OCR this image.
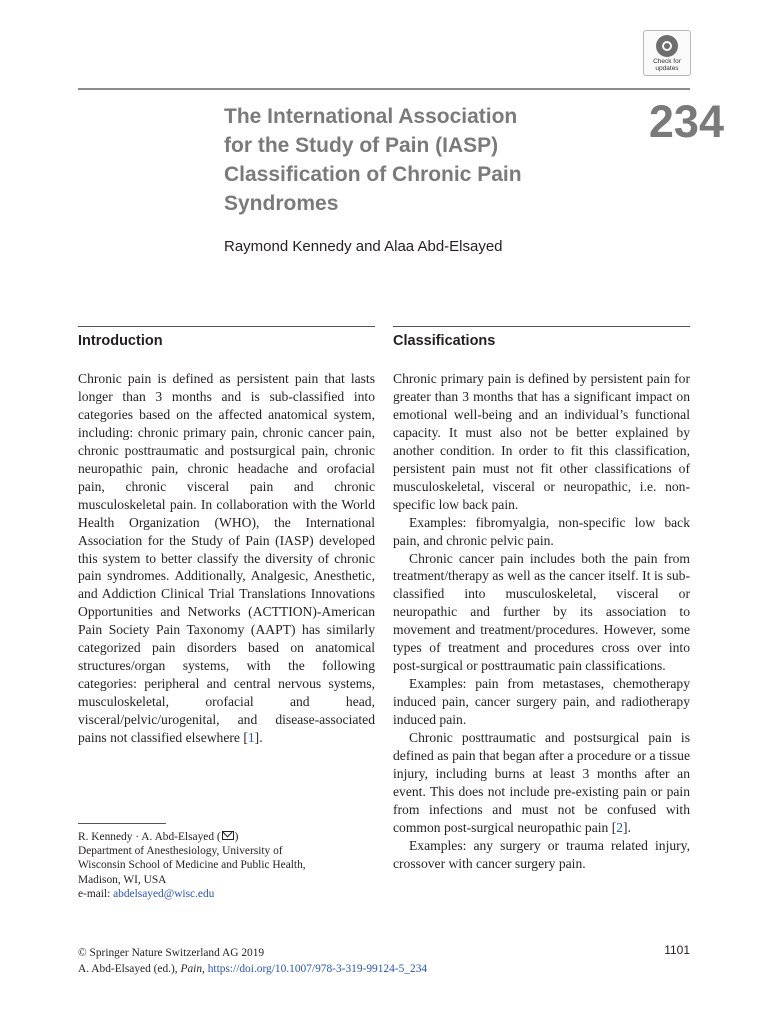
Check for
updates
The International Association
for the Study of Pain (IASP)
Classification of Chronic Pain
Syndromes
234
Raymond Kennedy and Alaa Abd-Elsayed
Introduction	Classifications

Chronic pain is defined as persistent pain that lasts longer than 3 months and is sub-classified into categories based on the affected anatomical system, including: chronic primary pain, chronic cancer pain, chronic posttraumatic and postsurgical pain, chronic neuropathic pain, chronic headache and orofacial pain, chronic visceral pain and chronic musculoskeletal pain. In collaboration with the World Health Organization (WHO), the International Association for the Study of Pain (IASP) developed this system to better classify the diversity of chronic pain syndromes. Additionally, Analgesic, Anesthetic, and Addiction Clinical Trial Translations Innovations Opportunities and Networks (ACTTION)-American Pain Society Pain Taxonomy (AAPT) has similarly categorized pain disorders based on anatomical structures/organ systems, with the following categories: peripheral and central nervous systems, musculoskeletal, orofacial and head, visceral/pelvic/urogenital, and disease-associated pains not classified elsewhere [1].

Chronic primary pain is defined by persistent pain for greater than 3 months that has a significant impact on emotional well-being and an individual’s functional capacity. It must also not be better explained by another condition. In order to fit this classification, persistent pain must not fit other classifications of musculoskeletal, visceral or neuropathic, i.e. non-specific low back pain.

Examples: fibromyalgia, non-specific low back pain, and chronic pelvic pain.

Chronic cancer pain includes both the pain from treatment/therapy as well as the cancer itself. It is sub-classified into musculoskeletal, visceral or neuropathic and further by its association to movement and treatment/procedures. However, some types of treatment and procedures cross over into post-surgical or posttraumatic pain classifications.

Examples: pain from metastases, chemotherapy induced pain, cancer surgery pain, and radiotherapy induced pain.

Chronic posttraumatic and postsurgical pain is defined as pain that began after a procedure or a tissue injury, including burns at least 3 months after an event. This does not include pre-existing pain or pain from infections and must not be confused with common post-surgical neuropathic pain [2].

Examples: any surgery or trauma related injury, crossover with cancer surgery pain.

R. Kennedy · A. Abd-Elsayed ( )
Department of Anesthesiology, University of
Wisconsin School of Medicine and Public Health,
Madison, WI, USA
e-mail: abdelsayed@wisc.edu
1101
© Springer Nature Switzerland AG 2019
A. Abd-Elsayed (ed.), Pain, https://doi.org/10.1007/978-3-319-99124-5_234
